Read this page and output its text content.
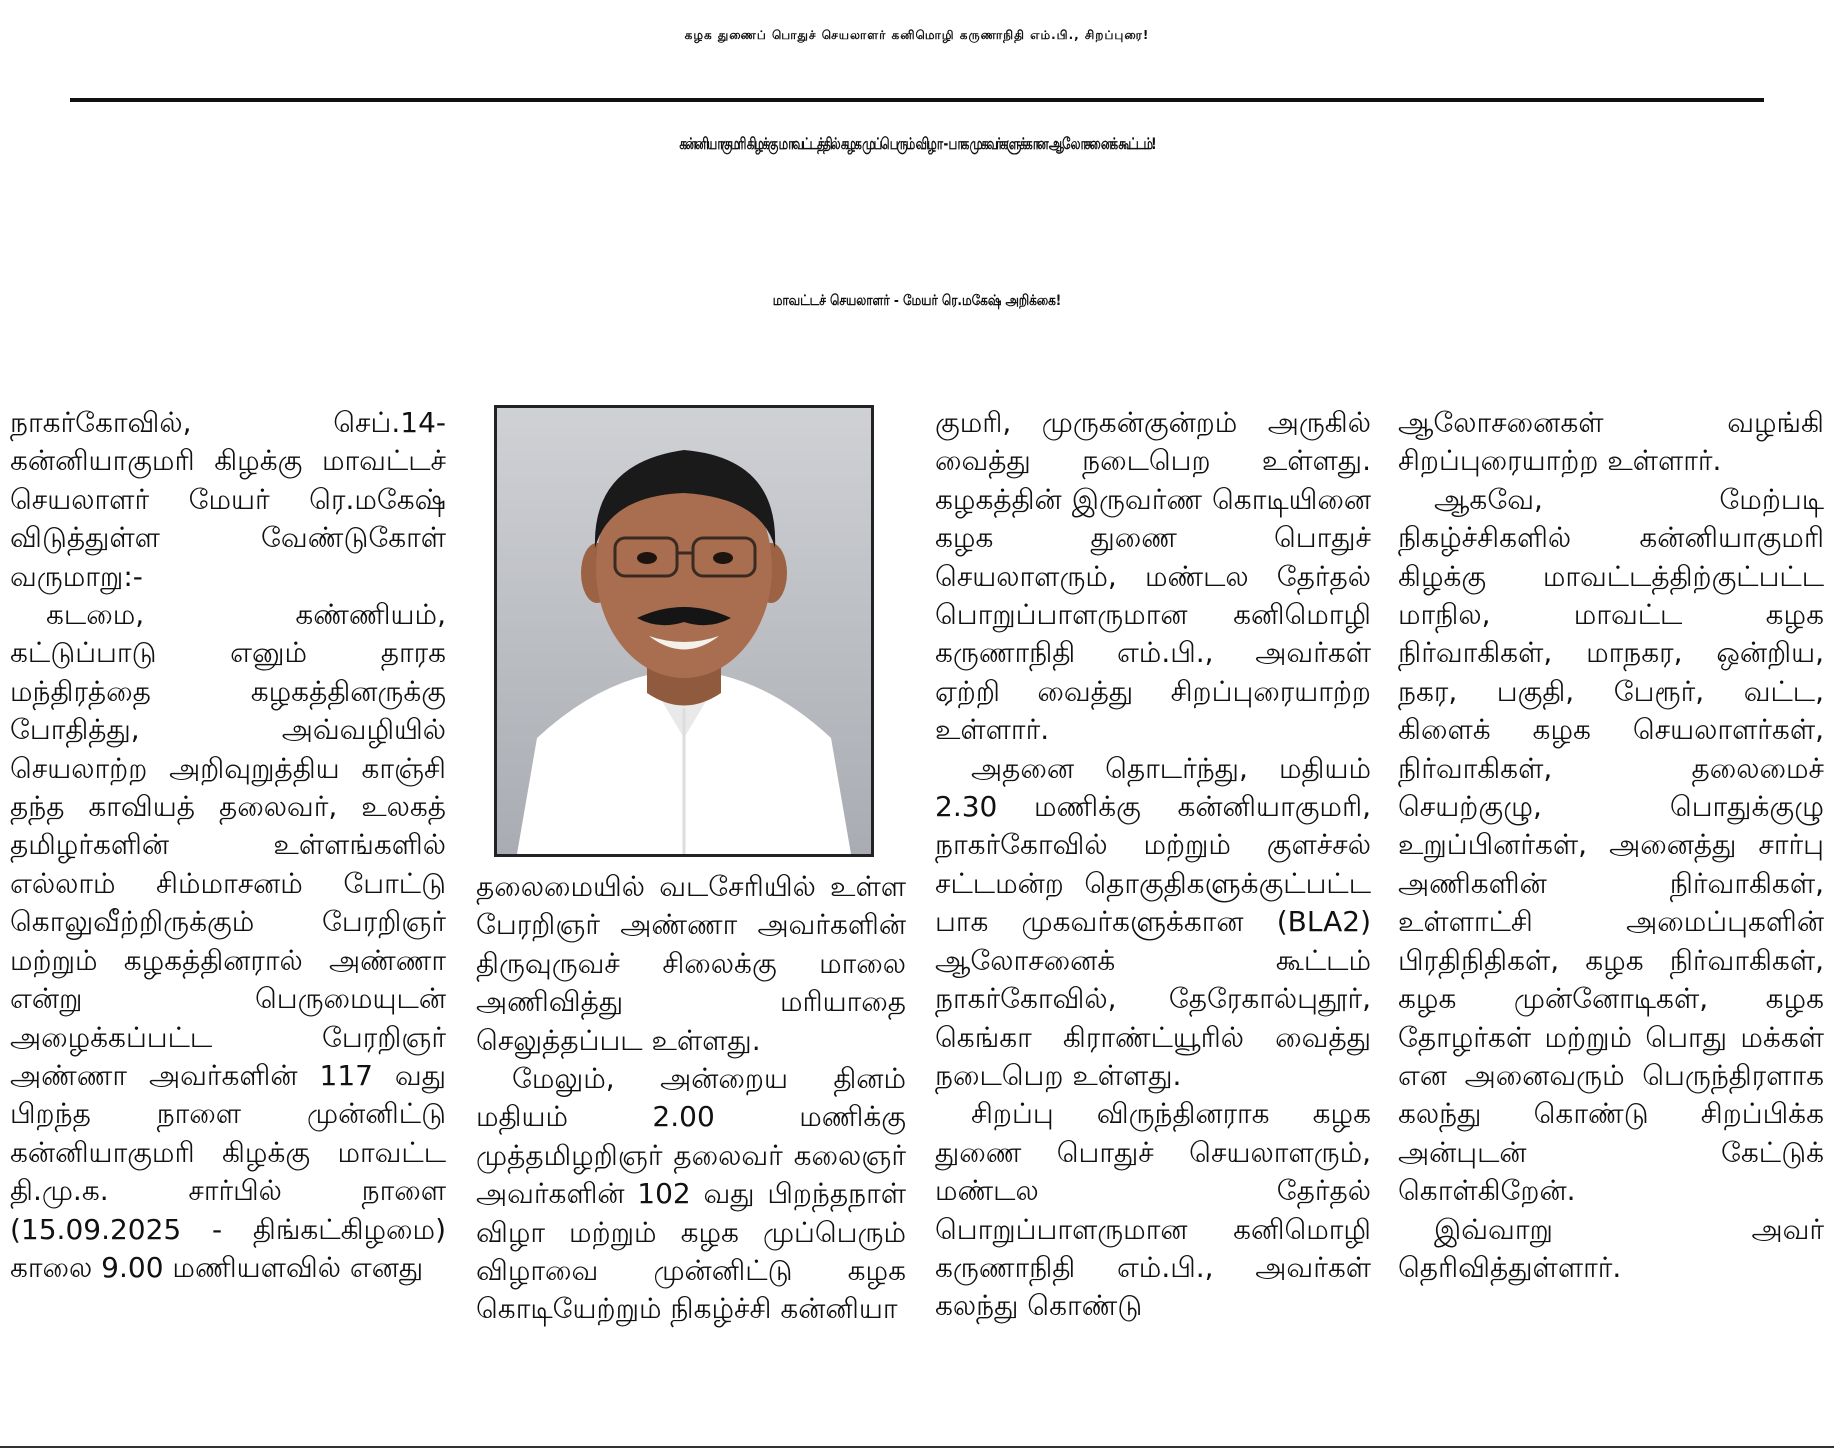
கழக துணைப் பொதுச் செயலாளர் கனிமொழி கருணாநிதி எம்.பி., சிறப்புரை!
கன்னியாகுமரி கிழக்கு மாவட்டத்தில் கழக முப்பெரும் விழா - பாக முகவர்களுக்கான ஆலோசனைக் கூட்டம்!
மாவட்டச் செயலாளர் - மேயர் ரெ.மகேஷ் அறிக்கை!

நாகர்கோவில், செப்.14- கன்னியாகுமரி கிழக்கு மாவட்டச் செயலாளர் மேயர் ரெ.மகேஷ் விடுத்துள்ள வேண்டுகோள் வருமாறு:-

கடமை, கண்ணியம், கட்டுப்பாடு எனும் தாரக மந்திரத்தை கழகத்தினருக்கு போதித்து, அவ்வழியில் செயலாற்ற அறிவுறுத்திய காஞ்சி தந்த காவியத் தலைவர், உலகத் தமிழர்களின் உள்ளங்களில் எல்லாம் சிம்மாசனம் போட்டு கொலுவீற்றிருக்கும் பேரறிஞர் மற்றும் கழகத்தினரால் அண்ணா என்று பெருமையுடன் அழைக்கப்பட்ட பேரறிஞர் அண்ணா அவர்களின் 117 வது பிறந்த நாளை முன்னிட்டு கன்னியாகுமரி கிழக்கு மாவட்ட தி.மு.க. சார்பில் நாளை (15.09.2025 - திங்கட்கிழமை) காலை 9.00 மணியளவில் எனது

தலைமையில் வடசேரியில் உள்ள பேரறிஞர் அண்ணா அவர்களின் திருவுருவச் சிலைக்கு மாலை அணிவித்து மரியாதை செலுத்தப்பட உள்ளது.

மேலும், அன்றைய தினம் மதியம் 2.00 மணிக்கு முத்தமிழறிஞர் தலைவர் கலைஞர் அவர்களின் 102 வது பிறந்தநாள் விழா மற்றும் கழக முப்பெரும் விழாவை முன்னிட்டு கழக கொடியேற்றும் நிகழ்ச்சி கன்னியா

குமரி, முருகன்குன்றம் அருகில் வைத்து நடைபெற உள்ளது. கழகத்தின் இருவர்ண கொடியினை கழக துணை பொதுச் செயலாளரும், மண்டல தேர்தல் பொறுப்பாளருமான கனிமொழி கருணாநிதி எம்.பி., அவர்கள் ஏற்றி வைத்து சிறப்புரையாற்ற உள்ளார்.

அதனை தொடர்ந்து, மதியம் 2.30 மணிக்கு கன்னியாகுமரி, நாகர்கோவில் மற்றும் குளச்சல் சட்டமன்ற தொகுதிகளுக்குட்பட்ட பாக முகவர்களுக்கான (BLA2) ஆலோசனைக் கூட்டம் நாகர்கோவில், தேரேகால்புதூர், கெங்கா கிராண்ட்யூரில் வைத்து நடைபெற உள்ளது.

சிறப்பு விருந்தினராக கழக துணை பொதுச் செயலாளரும், மண்டல தேர்தல் பொறுப்பாளருமான கனிமொழி கருணாநிதி எம்.பி., அவர்கள் கலந்து கொண்டு

ஆலோசனைகள் வழங்கி சிறப்புரையாற்ற உள்ளார்.

ஆகவே, மேற்படி நிகழ்ச்சிகளில் கன்னியாகுமரி கிழக்கு மாவட்டத்திற்குட்பட்ட மாநில, மாவட்ட கழக நிர்வாகிகள், மாநகர, ஒன்றிய, நகர, பகுதி, பேரூர், வட்ட, கிளைக் கழக செயலாளர்கள், நிர்வாகிகள், தலைமைச் செயற்குழு, பொதுக்குழு உறுப்பினர்கள், அனைத்து சார்பு அணிகளின் நிர்வாகிகள், உள்ளாட்சி அமைப்புகளின் பிரதிநிதிகள், கழக நிர்வாகிகள், கழக முன்னோடிகள், கழக தோழர்கள் மற்றும் பொது மக்கள் என அனைவரும் பெருந்திரளாக கலந்து கொண்டு சிறப்பிக்க அன்புடன் கேட்டுக் கொள்கிறேன்.

இவ்வாறு அவர் தெரிவித்துள்ளார்.
